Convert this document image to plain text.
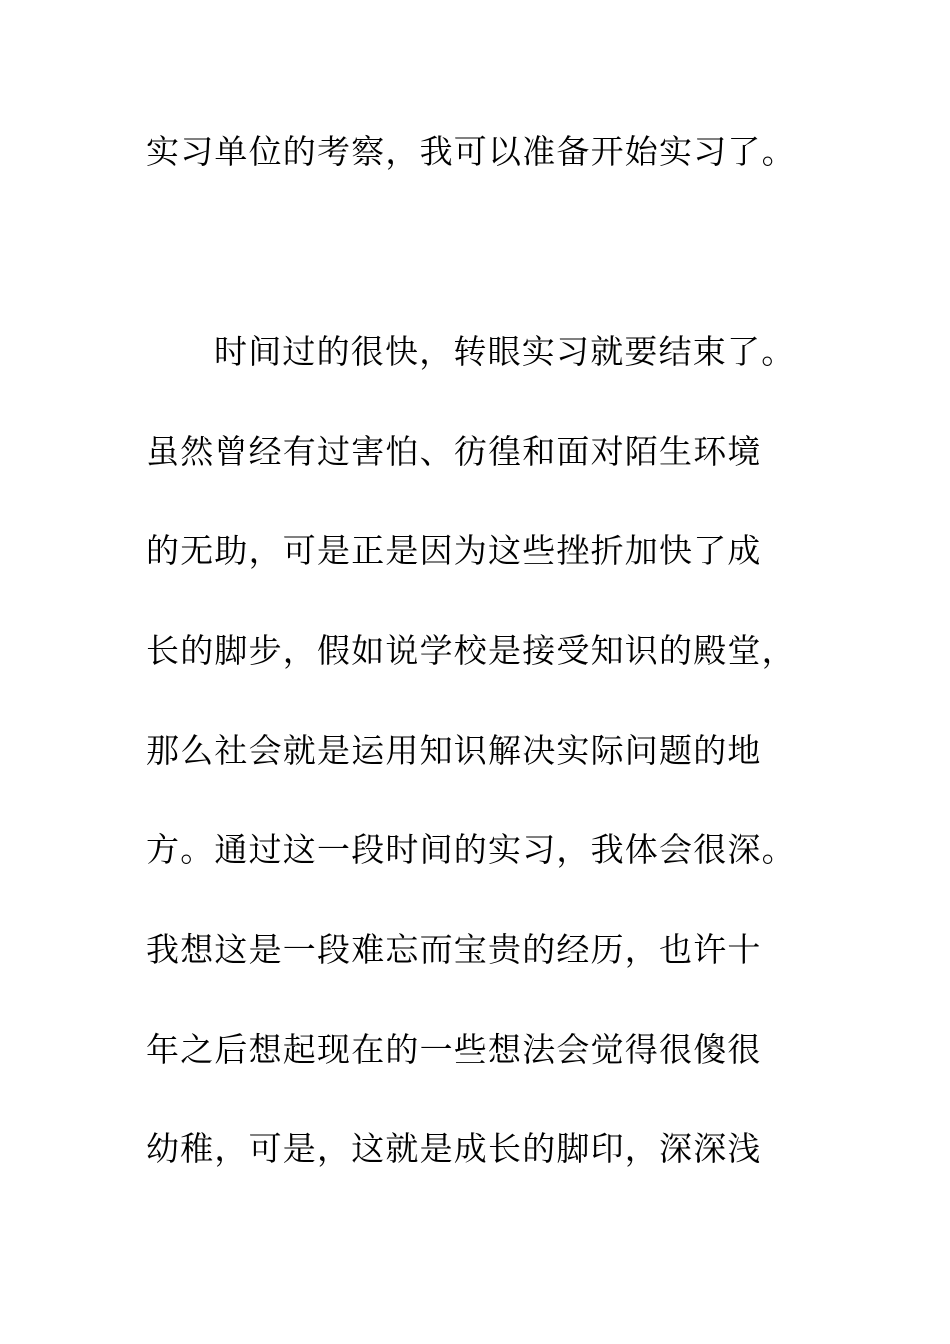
实习单位的考察，我可以准备开始实习了。
时间过的很快，转眼实习就要结束了。
虽然曾经有过害怕、彷徨和面对陌生环境
的无助，可是正是因为这些挫折加快了成
长的脚步，假如说学校是接受知识的殿堂，
那么社会就是运用知识解决实际问题的地
方。通过这一段时间的实习，我体会很深。
我想这是一段难忘而宝贵的经历，也许十
年之后想起现在的一些想法会觉得很傻很
幼稚，可是，这就是成长的脚印，深深浅
